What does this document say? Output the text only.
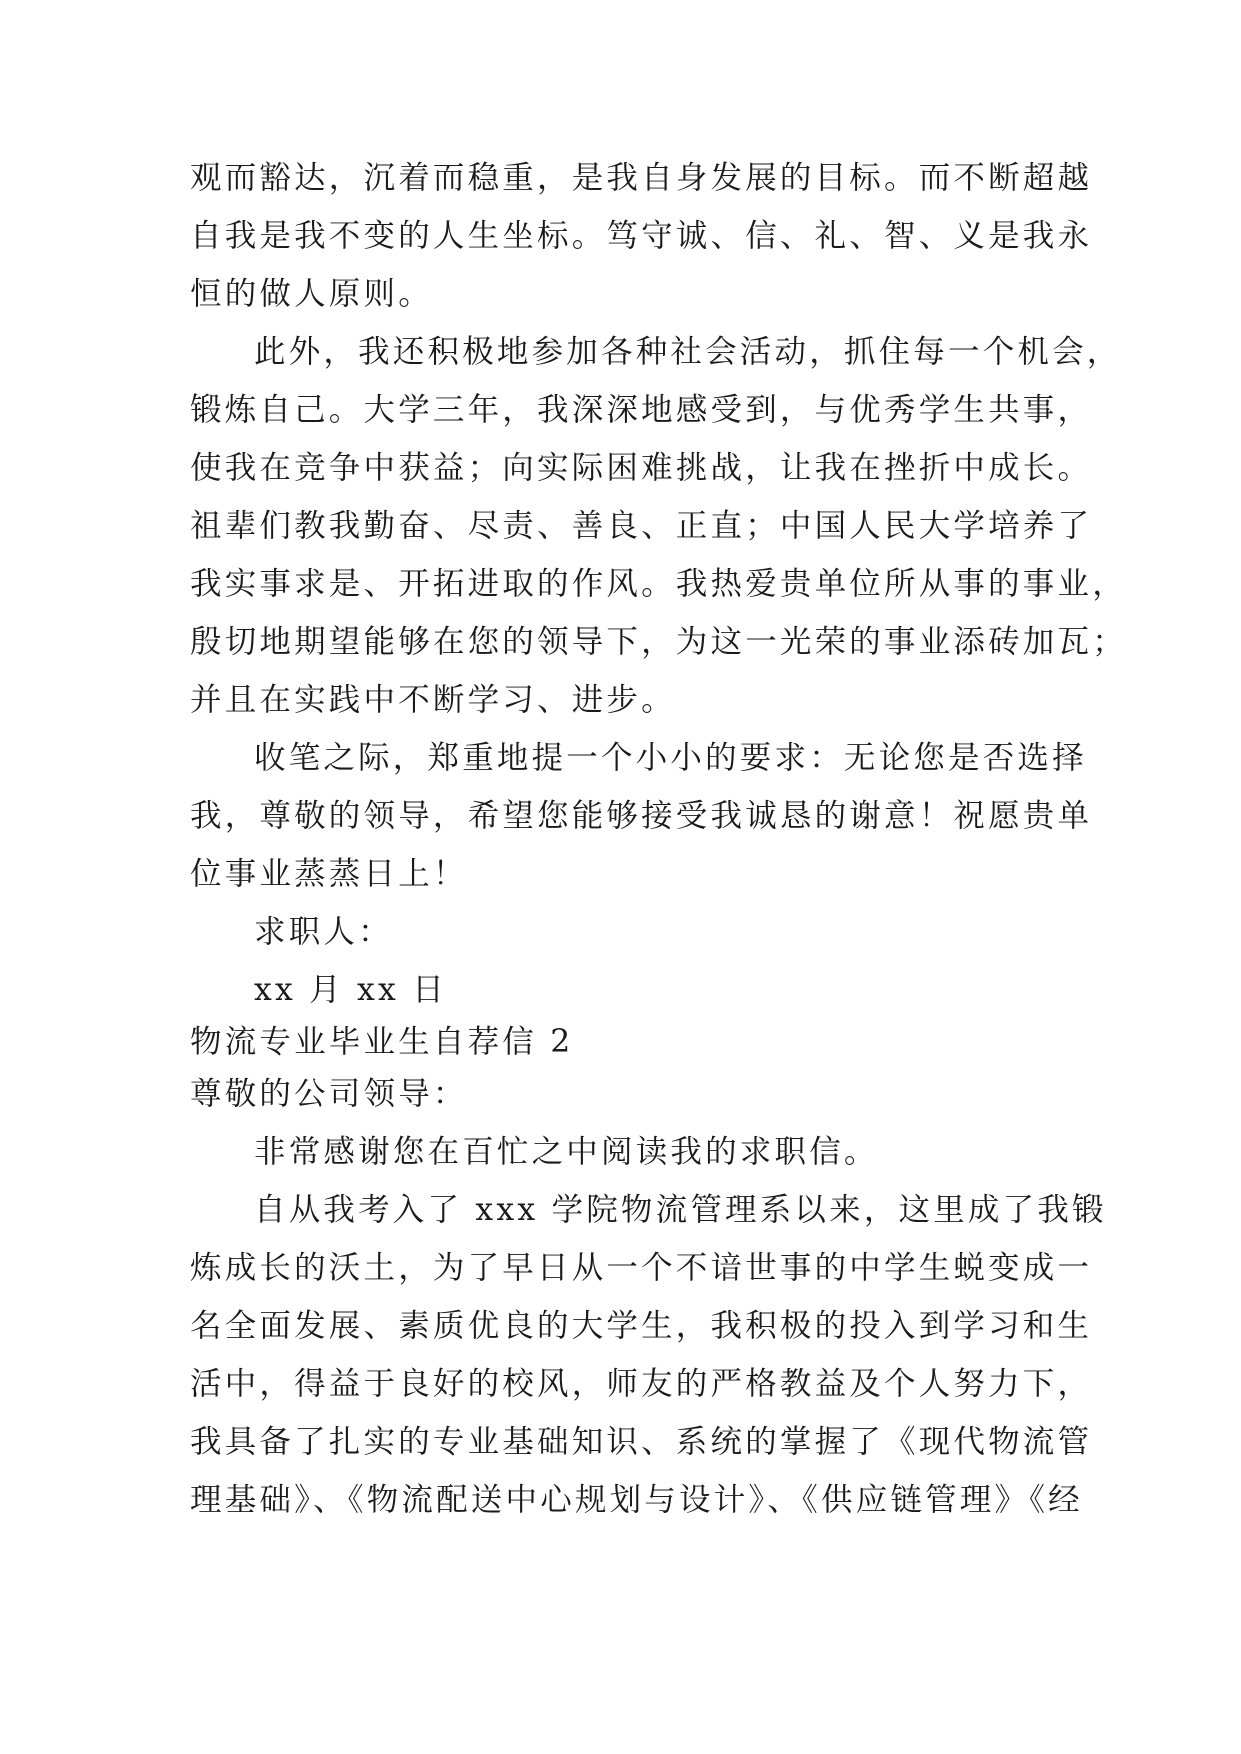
观而豁达，沉着而稳重，是我自身发展的目标。而不断超越
自我是我不变的人生坐标。笃守诚、信、礼、智、义是我永
恒的做人原则。
此外，我还积极地参加各种社会活动，抓住每一个机会，
锻炼自己。大学三年，我深深地感受到，与优秀学生共事，
使我在竞争中获益；向实际困难挑战，让我在挫折中成长。
祖辈们教我勤奋、尽责、善良、正直；中国人民大学培养了
我实事求是、开拓进取的作风。我热爱贵单位所从事的事业，
殷切地期望能够在您的领导下，为这一光荣的事业添砖加瓦；
并且在实践中不断学习、进步。
收笔之际，郑重地提一个小小的要求：无论您是否选择
我，尊敬的领导，希望您能够接受我诚恳的谢意！祝愿贵单
位事业蒸蒸日上！
求职人：
xx 月 xx 日
物流专业毕业生自荐信 2
尊敬的公司领导：
非常感谢您在百忙之中阅读我的求职信。
自从我考入了 xxx 学院物流管理系以来，这里成了我锻
炼成长的沃土，为了早日从一个不谙世事的中学生蜕变成一
名全面发展、素质优良的大学生，我积极的投入到学习和生
活中，得益于良好的校风，师友的严格教益及个人努力下，
我具备了扎实的专业基础知识、系统的掌握了《现代物流管
理基础》、《物流配送中心规划与设计》、《供应链管理》《经
